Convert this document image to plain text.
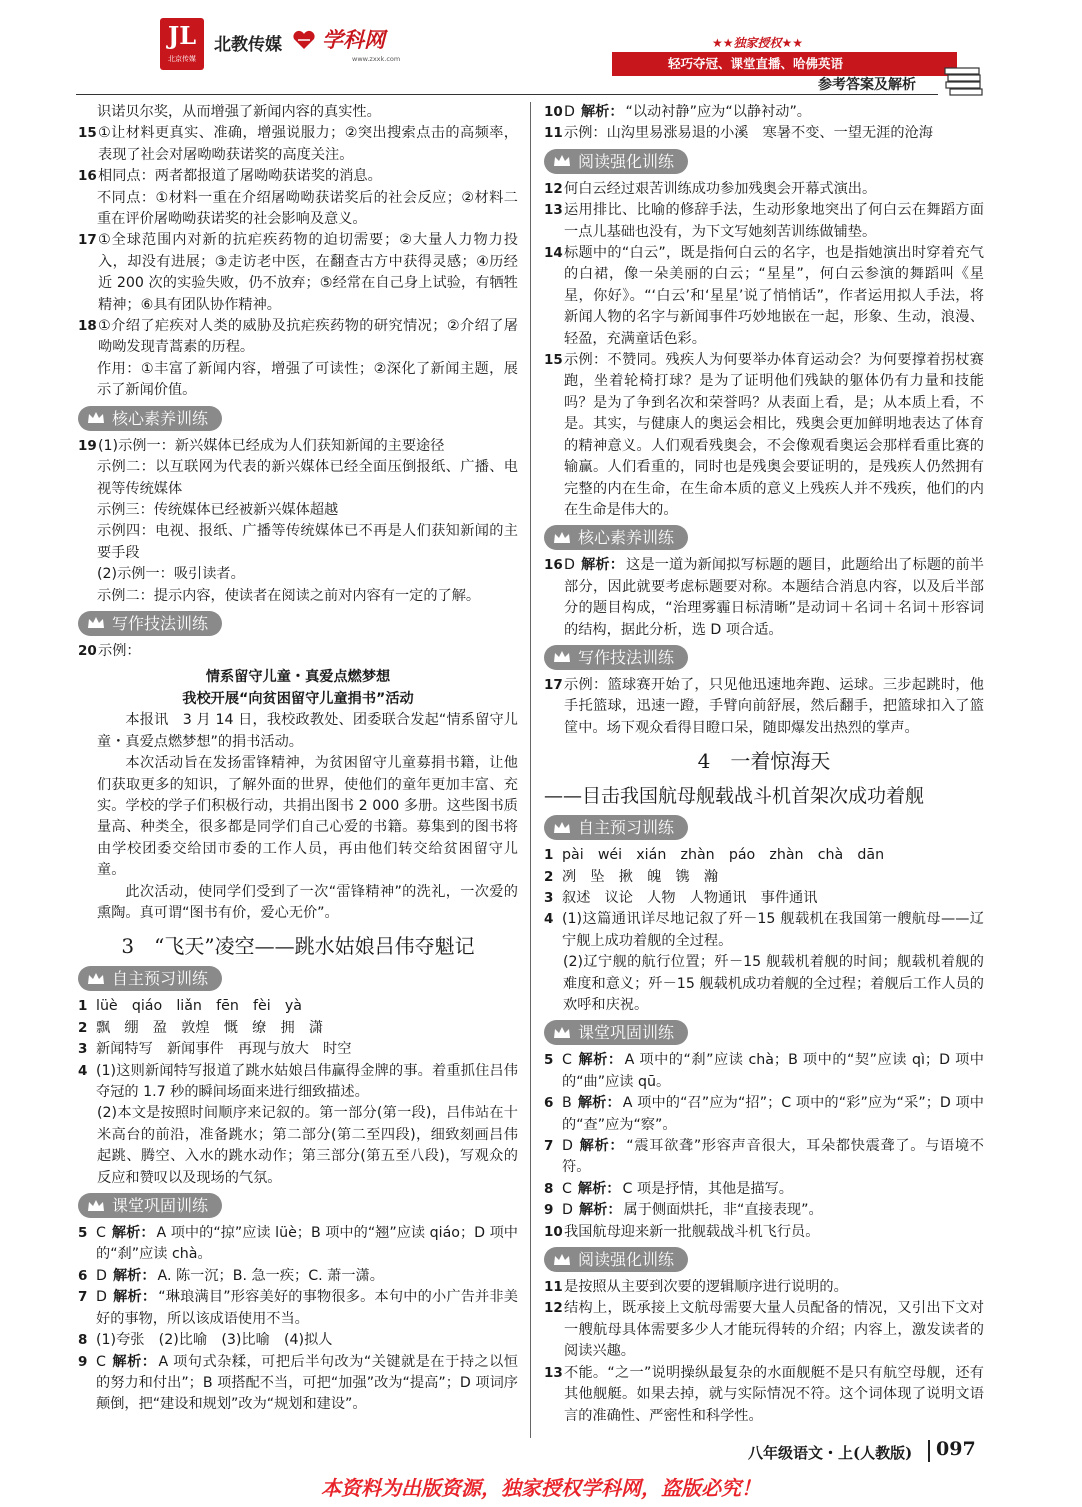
JL
北京传媒
北教传媒 学科网
www.zxxk.com
★★独家授权★★
轻巧夺冠、课堂直播、哈佛英语
参考答案及解析
识诺贝尔奖，从而增强了新闻内容的真实性。
15 ①让材料更真实、准确，增强说服力；②突出搜索点击的高频率，表现了社会对屠呦呦获诺奖的高度关注。
16 相同点：两者都报道了屠呦呦获诺奖的消息。
不同点：①材料一重在介绍屠呦呦获诺奖后的社会反应；②材料二重在评价屠呦呦获诺奖的社会影响及意义。
17 ①全球范围内对新的抗疟疾药物的迫切需要；②大量人力物力投入，却没有进展；③走访老中医，在翻查古方中获得灵感；④历经近 200 次的实验失败，仍不放弃；⑤经常在自己身上试验，有牺牲精神；⑥具有团队协作精神。
18 ①介绍了疟疾对人类的威胁及抗疟疾药物的研究情况；②介绍了屠呦呦发现青蒿素的历程。
作用：①丰富了新闻内容，增强了可读性；②深化了新闻主题，展示了新闻价值。
核心素养训练
19 (1)示例一：新兴媒体已经成为人们获知新闻的主要途径
示例二：以互联网为代表的新兴媒体已经全面压倒报纸、广播、电视等传统媒体
示例三：传统媒体已经被新兴媒体超越
示例四：电视、报纸、广播等传统媒体已不再是人们获知新闻的主要手段
(2)示例一：吸引读者。
示例二：提示内容，使读者在阅读之前对内容有一定的了解。
写作技法训练
20 示例：
情系留守儿童・真爱点燃梦想
我校开展“向贫困留守儿童捐书”活动
本报讯　3 月 14 日，我校政教处、团委联合发起“情系留守儿童・真爱点燃梦想”的捐书活动。
本次活动旨在发扬雷锋精神，为贫困留守儿童募捐书籍，让他们获取更多的知识，了解外面的世界，使他们的童年更加丰富、充实。学校的学子们积极行动，共捐出图书 2 000 多册。这些图书质量高、种类全，很多都是同学们自己心爱的书籍。募集到的图书将由学校团委交给団市委的工作人员，再由他们转交给贫困留守儿童。
此次活动，使同学们受到了一次“雷锋精神”的洗礼，一次爱的熏陶。真可谓“图书有价，爱心无价”。
3　“飞天”凌空——跳水姑娘吕伟夺魁记
自主预习训练
1 lüè　qiáo　liǎn　fēn　fèi　yà
2 飘　绷　盈　敦煌　慨　缭　拥　潇
3 新闻特写　新闻事件　再现与放大　时空
4 (1)这则新闻特写报道了跳水姑娘吕伟赢得金牌的事。着重抓住吕伟夺冠的 1.7 秒的瞬间场面来进行细致描述。
(2)本文是按照时间顺序来记叙的。第一部分(第一段)，吕伟站在十米高台的前沿，准备跳水；第二部分(第二至四段)，细致刻画吕伟起跳、腾空、入水的跳水动作；第三部分(第五至八段)，写观众的反应和赞叹以及现场的气氛。
课堂巩固训练
5 C 解析： A 项中的“掠”应读 lüè；B 项中的“翘”应读 qiáo；D 项中的“刹”应读 chà。
6 D 解析： A. 陈一沉；B. 急一疾；C. 萧一潇。
7 D 解析： “琳琅满目”形容美好的事物很多。本句中的小广告并非美好的事物，所以该成语使用不当。
8 (1)夸张　(2)比喻　(3)比喻　(4)拟人
9 C 解析： A 项句式杂糅，可把后半句改为“关键就是在于持之以恒的努力和付出”；B 项搭配不当，可把“加强”改为“提高”；D 项词序颠倒，把“建设和规划”改为“规划和建设”。
10 D 解析： “以动衬静”应为“以静衬动”。
11 示例：山沟里易涨易退的小溪　寒暑不变、一望无涯的沧海
阅读强化训练
12 何白云经过艰苦训练成功参加残奥会开幕式演出。
13 运用排比、比喻的修辞手法，生动形象地突出了何白云在舞蹈方面一点儿基础也没有，为下文写她刻苦训练做铺垫。
14 标题中的“白云”，既是指何白云的名字，也是指她演出时穿着充气的白裙，像一朵美丽的白云；“星星”，何白云参演的舞蹈叫《星星，你好》。“‘白云’和‘星星’说了悄悄话”，作者运用拟人手法，将新闻人物的名字与新闻事件巧妙地嵌在一起，形象、生动，浪漫、轻盈，充满童话色彩。
15 示例：不赞同。残疾人为何要举办体育运动会？为何要撑着拐杖赛跑，坐着轮椅打球？是为了证明他们残缺的躯体仍有力量和技能吗？是为了争到名次和荣誉吗？从表面上看，是；从本质上看，不是。其实，与健康人的奥运会相比，残奥会更加鲜明地表达了体育的精神意义。人们观看残奥会，不会像观看奥运会那样看重比赛的输赢。人们看重的，同时也是残奥会要证明的，是残疾人仍然拥有完整的内在生命，在生命本质的意义上残疾人并不残疾，他们的内在生命是伟大的。
核心素养训练
16 D 解析： 这是一道为新闻拟写标题的题目，此题给出了标题的前半部分，因此就要考虑标题要对称。本题结合消息内容，以及后半部分的题目构成，“治理雾霾日标清晰”是动词＋名词＋名词＋形容词的结构，据此分析，选 D 项合适。
写作技法训练
17 示例：篮球赛开始了，只见他迅速地奔跑、运球。三步起跳时，他手托篮球，迅速一蹬，手臂向前舒展，然后翻手，把篮球扣入了篮筐中。场下观众看得目瞪口呆，随即爆发出热烈的掌声。
4　一着惊海天
——目击我国航母舰载战斗机首架次成功着舰
自主预习训练
1 pài　wéi　xián　zhàn　páo　zhàn　chà　dān
2 冽　坠　揪　魄　镌　瀚
3 叙述　议论　人物　人物通讯　事件通讯
4 (1)这篇通讯详尽地记叙了歼－15 舰载机在我国第一艘航母——辽宁舰上成功着舰的全过程。
(2)辽宁舰的航行位置；歼－15 舰载机着舰的时间；舰载机着舰的难度和意义；歼－15 舰载机成功着舰的全过程；着舰后工作人员的欢呼和庆祝。
课堂巩固训练
5 C 解析： A 项中的“刹”应读 chà；B 项中的“契”应读 qì；D 项中的“曲”应读 qū。
6 B 解析： A 项中的“召”应为“招”；C 项中的“彩”应为“采”；D 项中的“查”应为“察”。
7 D 解析： “震耳欲聋”形容声音很大，耳朵都快震聋了。与语境不符。
8 C 解析： C 项是抒情，其他是描写。
9 D 解析： 属于侧面烘托，非“直接表现”。
10 我国航母迎来新一批舰载战斗机飞行员。
阅读强化训练
11 是按照从主要到次要的逻辑顺序进行说明的。
12 结构上，既承接上文航母需要大量人员配备的情况，又引出下文对一艘航母具体需要多少人才能玩得转的介绍；内容上，激发读者的阅读兴趣。
13 不能。“之一”说明操纵最复杂的水面舰艇不是只有航空母舰，还有其他舰艇。如果去掉，就与实际情况不符。这个词体现了说明文语言的准确性、严密性和科学性。
八年级语文・上(人教版) 097
本资料为出版资源，独家授权学科网，盗版必究！
